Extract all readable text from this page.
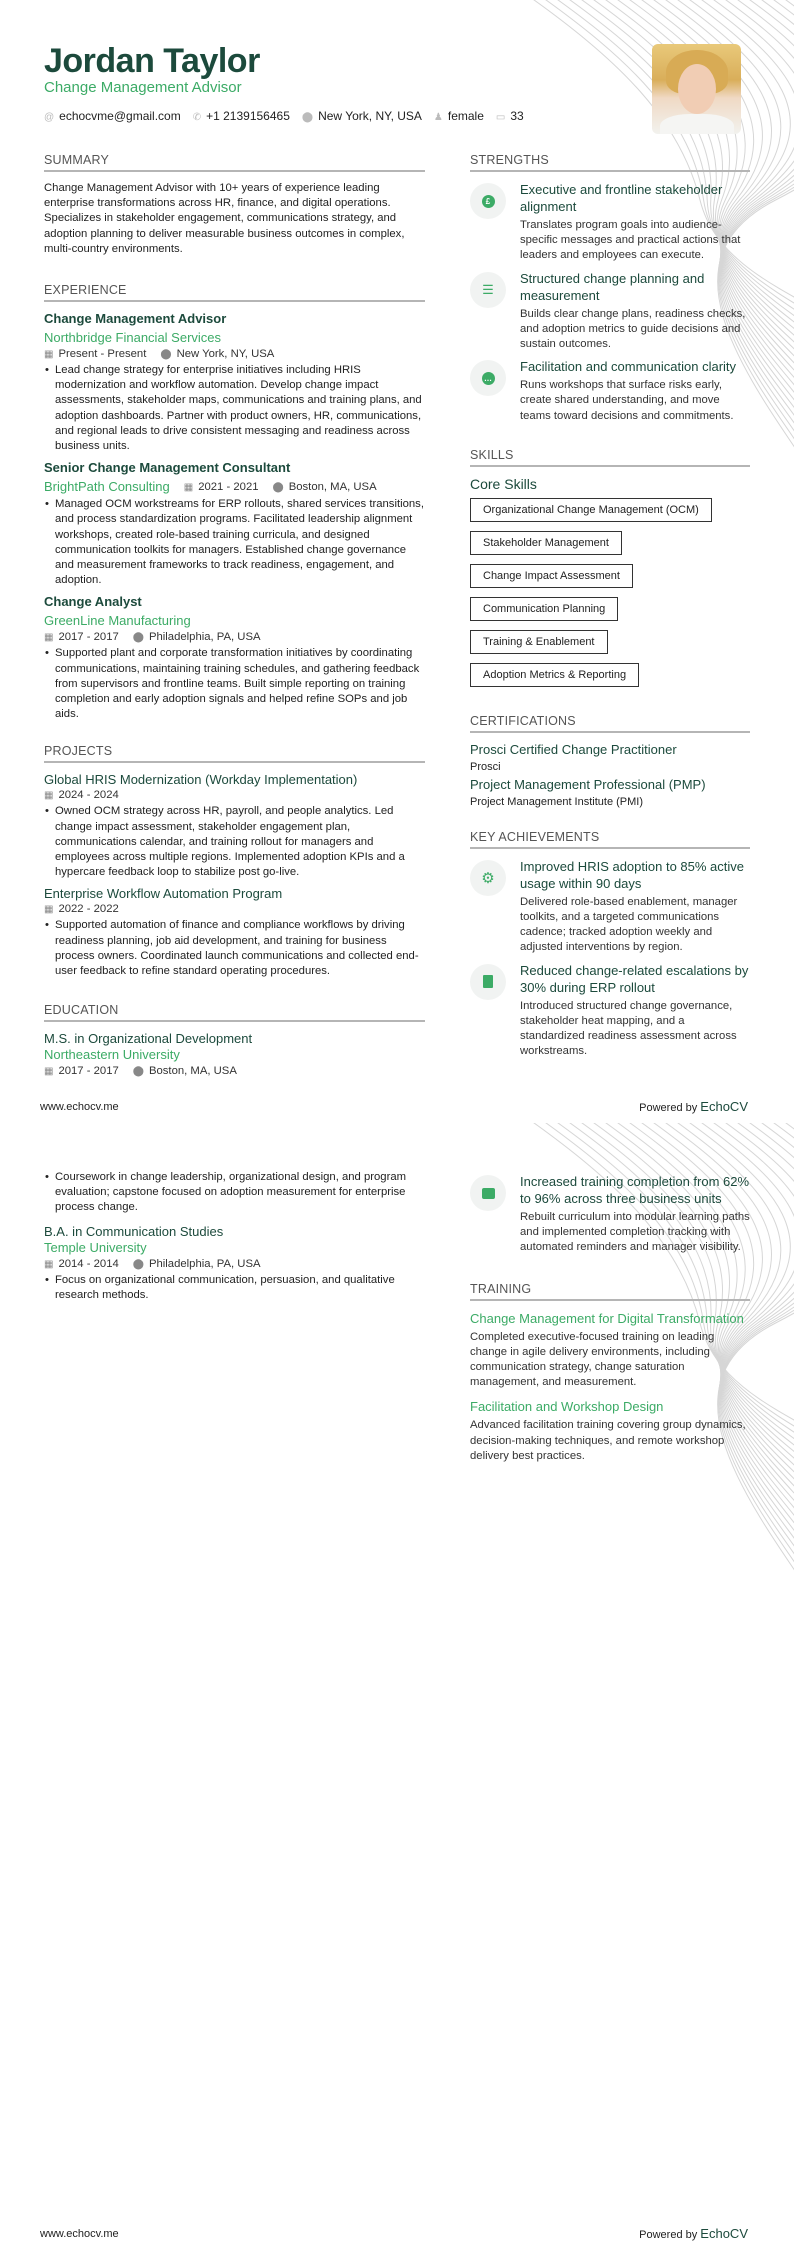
Jordan Taylor
Change Management Advisor
@ echocvme@gmail.com ✆ +1 2139156465 ⬤ New York, NY, USA ♟ female ▭ 33
SUMMARY
Change Management Advisor with 10+ years of experience leading enterprise transformations across HR, finance, and digital operations. Specializes in stakeholder engagement, communications strategy, and adoption planning to deliver measurable business outcomes in complex, multi-country environments.
EXPERIENCE
Change Management Advisor
Northbridge Financial Services
▦ Present - Present ⬤ New York, NY, USA
• Lead change strategy for enterprise initiatives including HRIS modernization and workflow automation. Develop change impact assessments, stakeholder maps, communications and training plans, and adoption dashboards. Partner with product owners, HR, communications, and regional leads to drive consistent messaging and readiness across business units.
Senior Change Management Consultant
BrightPath Consulting ▦ 2021 - 2021 ⬤ Boston, MA, USA
• Managed OCM workstreams for ERP rollouts, shared services transitions, and process standardization programs. Facilitated leadership alignment workshops, created role-based training curricula, and designed communication toolkits for managers. Established change governance and measurement frameworks to track readiness, engagement, and adoption.
Change Analyst
GreenLine Manufacturing
▦ 2017 - 2017 ⬤ Philadelphia, PA, USA
• Supported plant and corporate transformation initiatives by coordinating communications, maintaining training schedules, and gathering feedback from supervisors and frontline teams. Built simple reporting on training completion and early adoption signals and helped refine SOPs and job aids.
PROJECTS
Global HRIS Modernization (Workday Implementation)
▦ 2024 - 2024
• Owned OCM strategy across HR, payroll, and people analytics. Led change impact assessment, stakeholder engagement plan, communications calendar, and training rollout for managers and employees across multiple regions. Implemented adoption KPIs and a hypercare feedback loop to stabilize post go-live.
Enterprise Workflow Automation Program
▦ 2022 - 2022
• Supported automation of finance and compliance workflows by driving readiness planning, job aid development, and training for business process owners. Coordinated launch communications and collected end-user feedback to refine standard operating procedures.
EDUCATION
M.S. in Organizational Development
Northeastern University
▦ 2017 - 2017 ⬤ Boston, MA, USA
STRENGTHS
£
Executive and frontline stakeholder alignment
Translates program goals into audience-specific messages and practical actions that leaders and employees can execute.
☰
Structured change planning and measurement
Builds clear change plans, readiness checks, and adoption metrics to guide decisions and sustain outcomes.
…
Facilitation and communication clarity
Runs workshops that surface risks early, create shared understanding, and move teams toward decisions and commitments.
SKILLS
Core Skills
Organizational Change Management (OCM)
Stakeholder Management
Change Impact Assessment
Communication Planning
Training & Enablement
Adoption Metrics & Reporting
CERTIFICATIONS
Prosci Certified Change Practitioner
Prosci
Project Management Professional (PMP)
Project Management Institute (PMI)
KEY ACHIEVEMENTS
⚙
Improved HRIS adoption to 85% active usage within 90 days
Delivered role-based enablement, manager toolkits, and a targeted communications cadence; tracked adoption weekly and adjusted interventions by region.
Reduced change-related escalations by 30% during ERP rollout
Introduced structured change governance, stakeholder heat mapping, and a standardized readiness assessment across workstreams.
www.echocv.me	Powered by EchoCV
• Coursework in change leadership, organizational design, and program evaluation; capstone focused on adoption measurement for enterprise process change.
B.A. in Communication Studies
Temple University
▦ 2014 - 2014 ⬤ Philadelphia, PA, USA
• Focus on organizational communication, persuasion, and qualitative research methods.
Increased training completion from 62% to 96% across three business units
Rebuilt curriculum into modular learning paths and implemented completion tracking with automated reminders and manager visibility.
TRAINING
Change Management for Digital Transformation
Completed executive-focused training on leading change in agile delivery environments, including communication strategy, change saturation management, and measurement.
Facilitation and Workshop Design
Advanced facilitation training covering group dynamics, decision-making techniques, and remote workshop delivery best practices.
www.echocv.me	Powered by EchoCV
